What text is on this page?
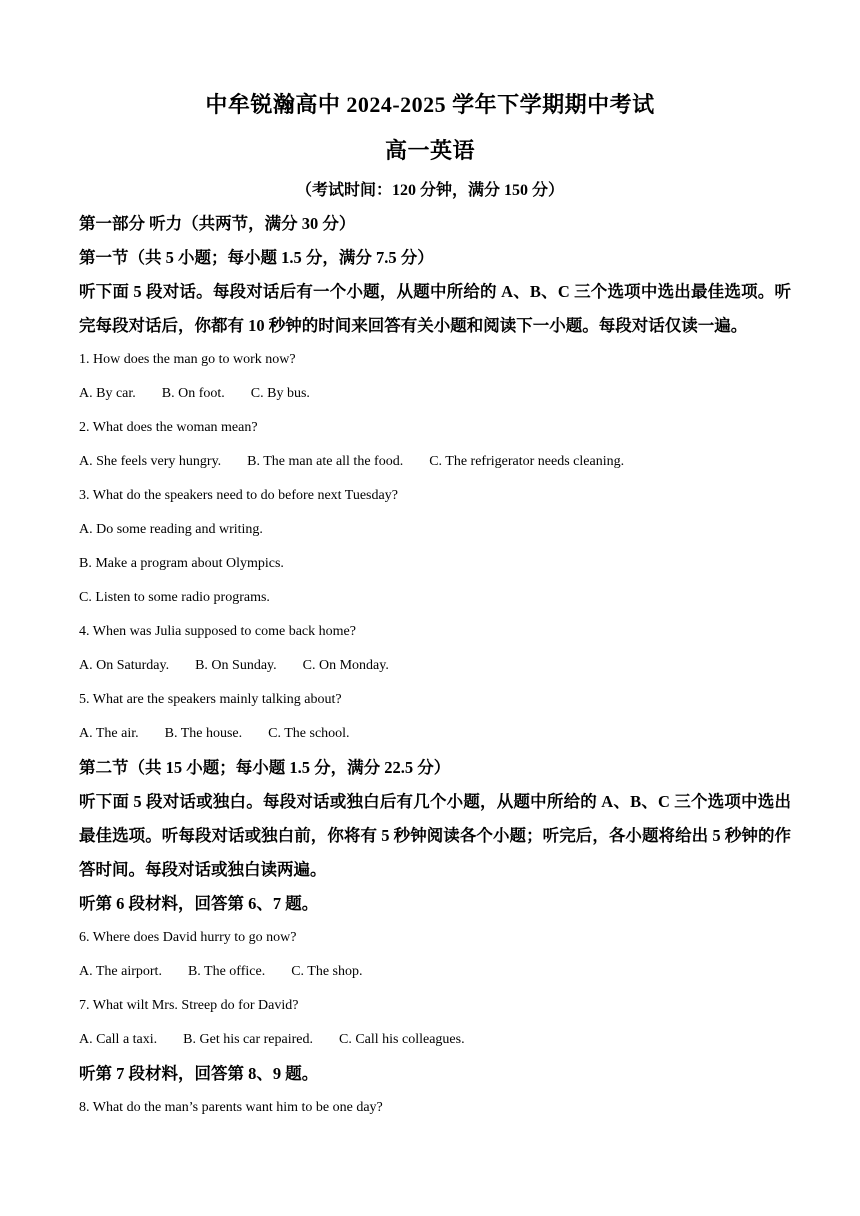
中牟锐瀚高中 2024-2025 学年下学期期中考试
高一英语
（考试时间：120 分钟，满分 150 分）
第一部分 听力（共两节，满分 30 分）
第一节（共 5 小题；每小题 1.5 分，满分 7.5 分）
听下面 5 段对话。每段对话后有一个小题，从题中所给的 A、B、C 三个选项中选出最佳选项。听完每段对话后，你都有 10 秒钟的时间来回答有关小题和阅读下一小题。每段对话仅读一遍。
1. How does the man go to work now?
A. By car. B. On foot. C. By bus.
2. What does the woman mean?
A. She feels very hungry. B. The man ate all the food. C. The refrigerator needs cleaning.
3. What do the speakers need to do before next Tuesday?
A. Do some reading and writing.
B. Make a program about Olympics.
C. Listen to some radio programs.
4. When was Julia supposed to come back home?
A. On Saturday. B. On Sunday. C. On Monday.
5. What are the speakers mainly talking about?
A. The air. B. The house. C. The school.
第二节（共 15 小题；每小题 1.5 分，满分 22.5 分）
听下面 5 段对话或独白。每段对话或独白后有几个小题，从题中所给的 A、B、C 三个选项中选出最佳选项。听每段对话或独白前，你将有 5 秒钟阅读各个小题；听完后，各小题将给出 5 秒钟的作答时间。每段对话或独白读两遍。
听第 6 段材料，回答第 6、7 题。
6. Where does David hurry to go now?
A. The airport. B. The office. C. The shop.
7. What wilt Mrs. Streep do for David?
A. Call a taxi. B. Get his car repaired. C. Call his colleagues.
听第 7 段材料，回答第 8、9 题。
8. What do the man’s parents want him to be one day?
